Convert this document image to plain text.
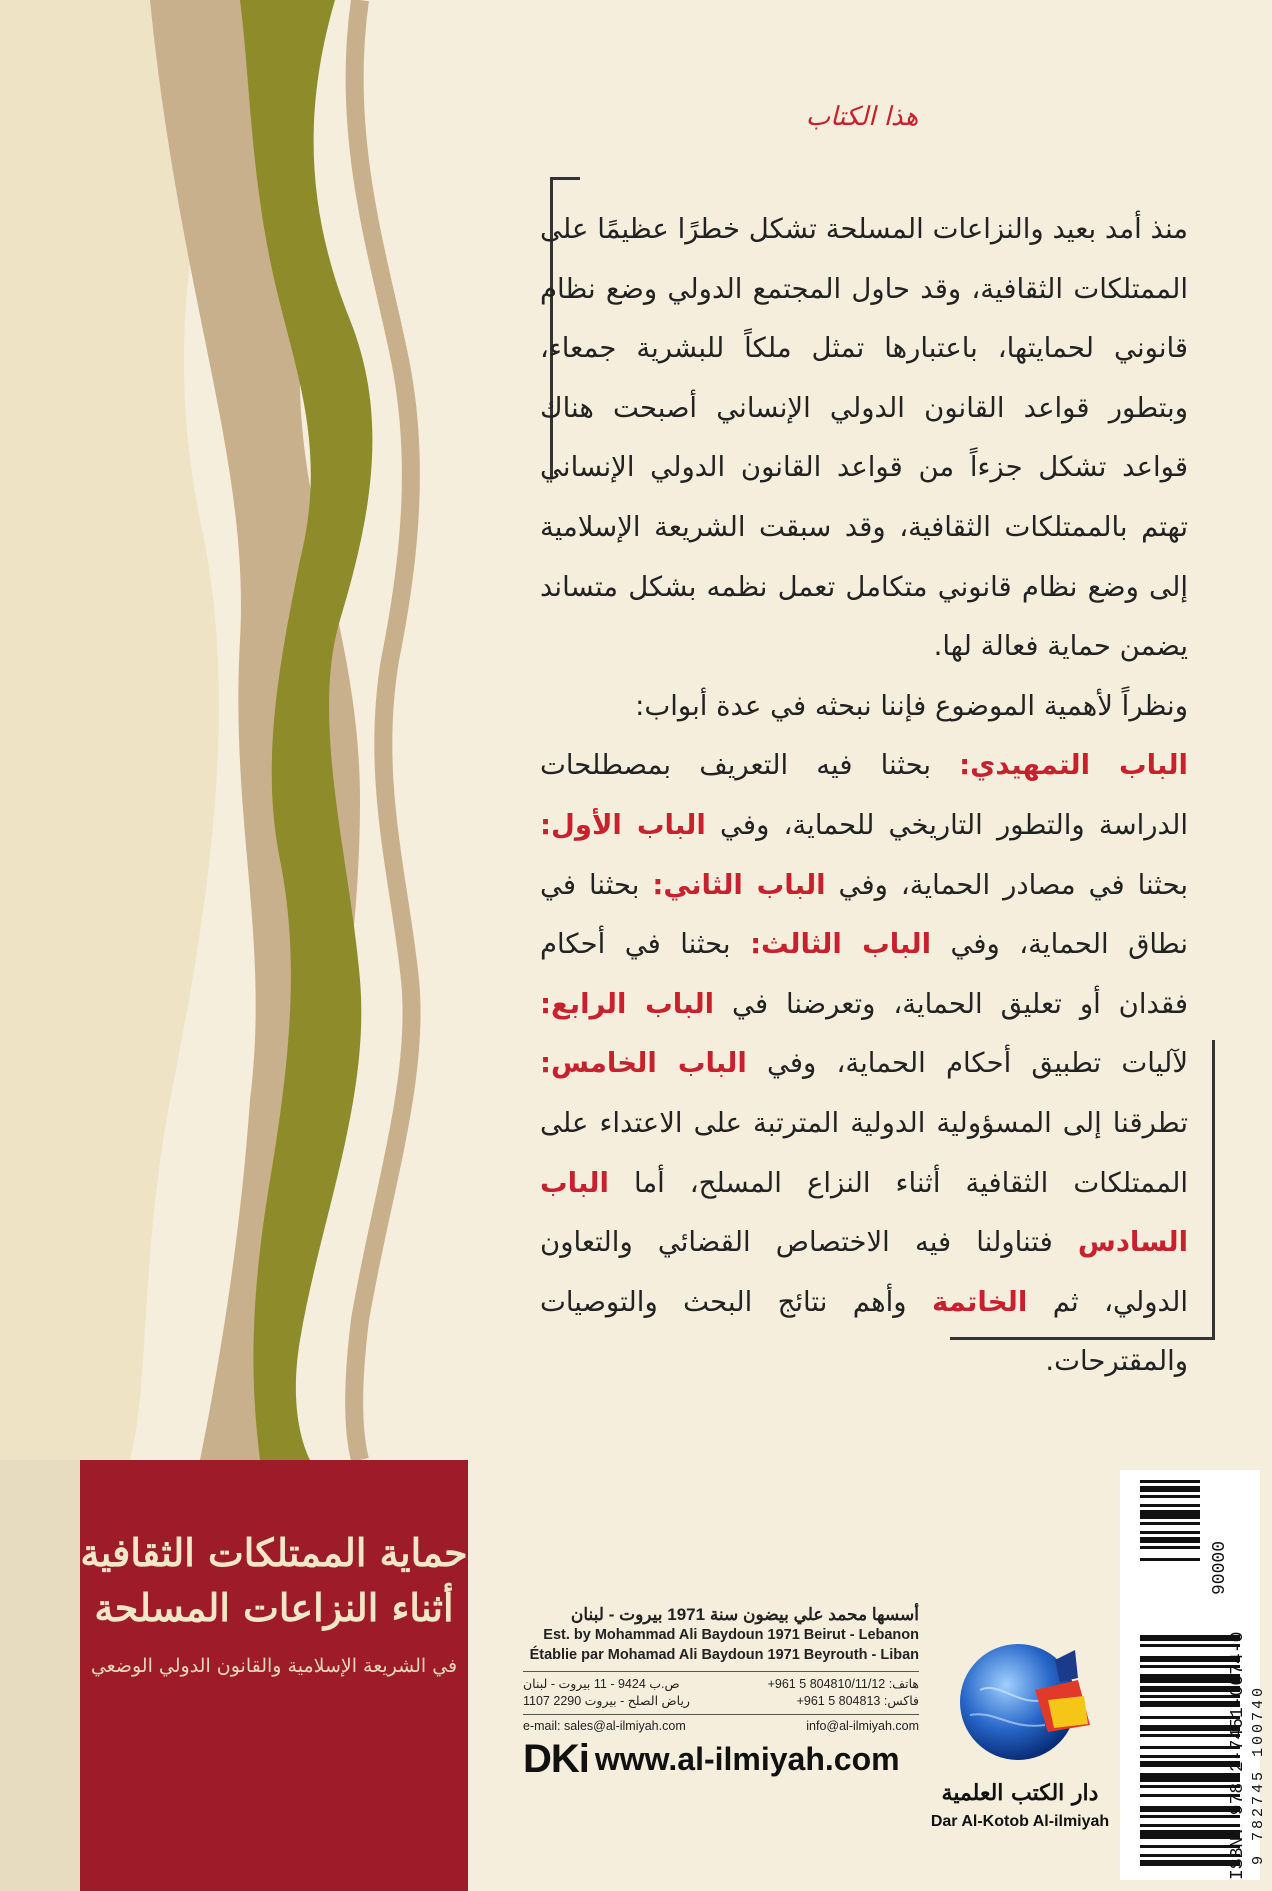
هذا الكتاب

منذ أمد بعيد والنزاعات المسلحة تشكل خطرًا عظيمًا على الممتلكات الثقافية، وقد حاول المجتمع الدولي وضع نظام قانوني لحمايتها، باعتبارها تمثل ملكاً للبشرية جمعاء، وبتطور قواعد القانون الدولي الإنساني أصبحت هناك قواعد تشكل جزءاً من قواعد القانون الدولي الإنساني تهتم بالممتلكات الثقافية، وقد سبقت الشريعة الإسلامية إلى وضع نظام قانوني متكامل تعمل نظمه بشكل متساند يضمن حماية فعالة لها.

ونظراً لأهمية الموضوع فإننا نبحثه في عدة أبواب:
الباب التمهيدي: بحثنا فيه التعريف بمصطلحات الدراسة والتطور التاريخي للحماية، وفي الباب الأول: بحثنا في مصادر الحماية، وفي الباب الثاني: بحثنا في نطاق الحماية، وفي الباب الثالث: بحثنا في أحكام فقدان أو تعليق الحماية، وتعرضنا في الباب الرابع: لآليات تطبيق أحكام الحماية، وفي الباب الخامس: تطرقنا إلى المسؤولية الدولية المترتبة على الاعتداء على الممتلكات الثقافية أثناء النزاع المسلح، أما الباب السادس فتناولنا فيه الاختصاص القضائي والتعاون الدولي، ثم الخاتمة وأهم نتائج البحث والتوصيات والمقترحات.

حماية الممتلكات الثقافية
أثناء النزاعات المسلحة
في الشريعة الإسلامية والقانون الدولي الوضعي
أسسها محمد علي بيضون سنة 1971 بيروت - لبنان
Est. by Mohammad Ali Baydoun 1971 Beirut - Lebanon
Établie par Mohamad Ali Baydoun 1971 Beyrouth - Liban
هاتف: 804810/11/12 5 961+
ص.ب 9424 - 11 بيروت - لبنان
فاكس: 804813 5 961+
رياض الصلح - بيروت 2290 1107
e-mail: sales@al-ilmiyah.com	info@al-ilmiyah.com
DKi www.al-ilmiyah.com
دار الكتب العلمية
Dar Al-Kotob Al-ilmiyah	ISBN: 978-2-7451-0074-0
90000
9 782745 100740
